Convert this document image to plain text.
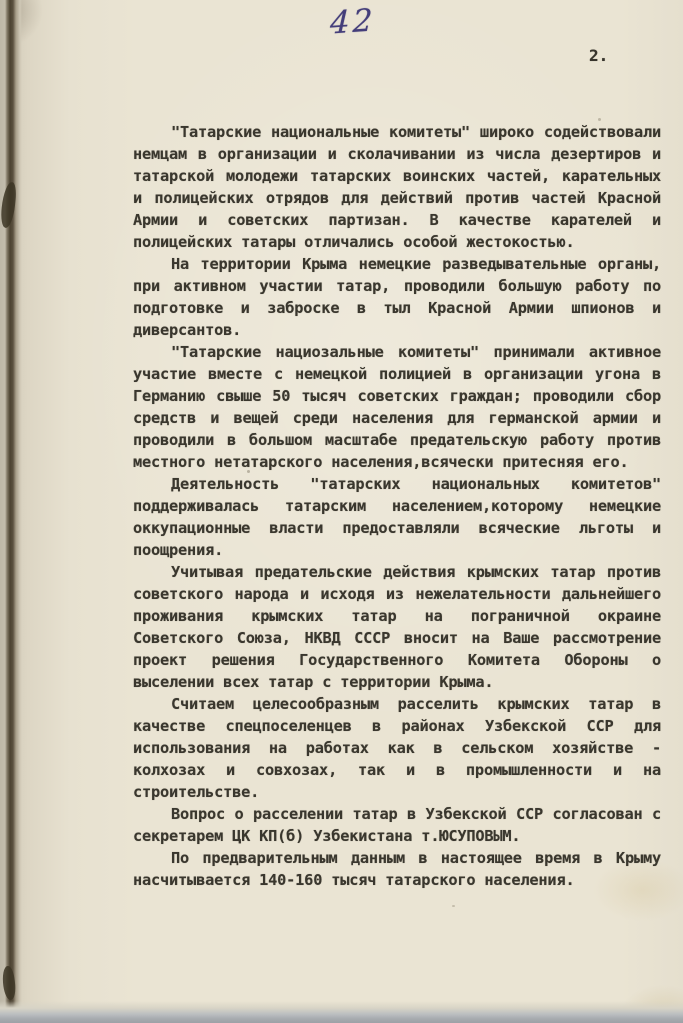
42
2.

"Татарские национальные комитеты" широко содействовали немцам в организации и сколачивании из числа дезертиров и татарской молодежи татарских воинских частей, карательных и полицейских отрядов для действий против частей Красной Армии и советских партизан. В качестве карателей и полицейских татары отличались особой жестокостью.

На территории Крыма немецкие разведывательные органы, при активном участии татар, проводили большую работу по подготовке и заброске в тыл Красной Армии шпионов и диверсантов.

"Татарские нациозальные комитеты" принимали активное участие вместе с немецкой полицией в организации угона в Германию свыше 50 тысяч советских граждан; проводили сбор средств и вещей среди населения для германской армии и проводили в большом масштабе предательскую работу против местного нетатарского населения,всячески притесняя его.

Деятельность "татарских национальных комитетов" поддерживалась татарским населением,которому немецкие оккупационные власти предоставляли всяческие льготы и поощрения.

Учитывая предательские действия крымских татар против советского народа и исходя из нежелательности дальнейшего проживания крымских татар на пограничной окраине Советского Союза, НКВД СССР вносит на Ваше рассмотрение проект решения Государственного Комитета Обороны о выселении всех татар с территории Крыма.

Считаем целесообразным расселить крымских татар в качестве спецпоселенцев в районах Узбекской ССР для использования на работах как в сельском хозяйстве - колхозах и совхозах, так и в промышленности и на строительстве.

Вопрос о расселении татар в Узбекской ССР согласован с секретарем ЦК КП(б) Узбекистана т.ЮСУПОВЫМ.

По предварительным данным в настоящее время в Крыму насчитывается 140-160 тысяч татарского населения.
